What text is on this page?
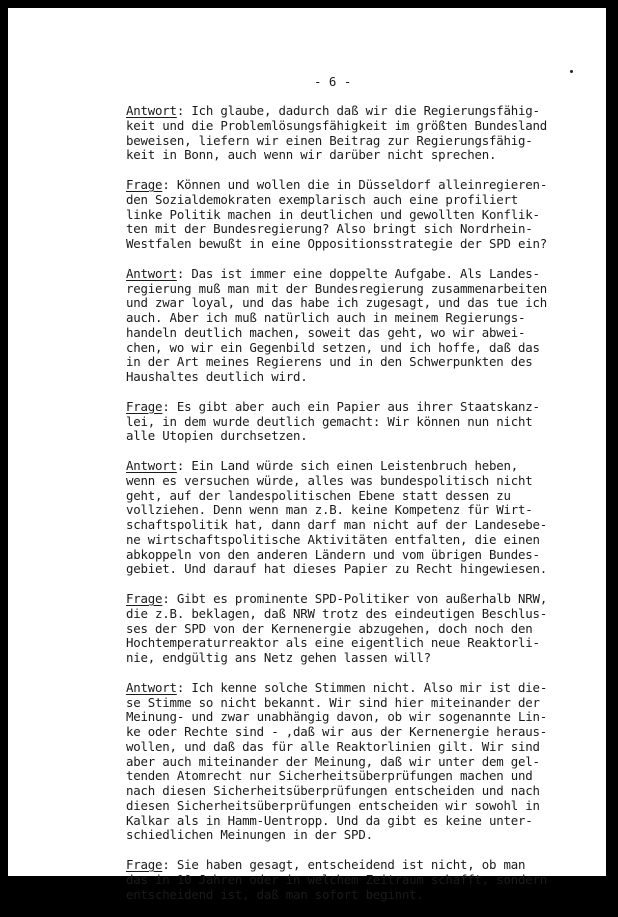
- 6 -
Antwort: Ich glaube, dadurch daß wir die Regierungsfähig-
keit und die Problemlösungsfähigkeit im größten Bundesland
beweisen, liefern wir einen Beitrag zur Regierungsfähig-
keit in Bonn, auch wenn wir darüber nicht sprechen.
Frage: Können und wollen die in Düsseldorf alleinregieren-
den Sozialdemokraten exemplarisch auch eine profiliert
linke Politik machen in deutlichen und gewollten Konflik-
ten mit der Bundesregierung? Also bringt sich Nordrhein-
Westfalen bewußt in eine Oppositionsstrategie der SPD ein?
Antwort: Das ist immer eine doppelte Aufgabe. Als Landes-
regierung muß man mit der Bundesregierung zusammenarbeiten
und zwar loyal, und das habe ich zugesagt, und das tue ich
auch. Aber ich muß natürlich auch in meinem Regierungs-
handeln deutlich machen, soweit das geht, wo wir abwei-
chen, wo wir ein Gegenbild setzen, und ich hoffe, daß das
in der Art meines Regierens und in den Schwerpunkten des
Haushaltes deutlich wird.
Frage: Es gibt aber auch ein Papier aus ihrer Staatskanz-
lei, in dem wurde deutlich gemacht: Wir können nun nicht
alle Utopien durchsetzen.
Antwort: Ein Land würde sich einen Leistenbruch heben,
wenn es versuchen würde, alles was bundespolitisch nicht
geht, auf der landespolitischen Ebene statt dessen zu
vollziehen. Denn wenn man z.B. keine Kompetenz für Wirt-
schaftspolitik hat, dann darf man nicht auf der Landesebe-
ne wirtschaftspolitische Aktivitäten entfalten, die einen
abkoppeln von den anderen Ländern und vom übrigen Bundes-
gebiet. Und darauf hat dieses Papier zu Recht hingewiesen.
Frage: Gibt es prominente SPD-Politiker von außerhalb NRW,
die z.B. beklagen, daß NRW trotz des eindeutigen Beschlus-
ses der SPD von der Kernenergie abzugehen, doch noch den
Hochtemperaturreaktor als eine eigentlich neue Reaktorli-
nie, endgültig ans Netz gehen lassen will?
Antwort: Ich kenne solche Stimmen nicht. Also mir ist die-
se Stimme so nicht bekannt. Wir sind hier miteinander der
Meinung- und zwar unabhängig davon, ob wir sogenannte Lin-
ke oder Rechte sind - ,daß wir aus der Kernenergie heraus-
wollen, und daß das für alle Reaktorlinien gilt. Wir sind
aber auch miteinander der Meinung, daß wir unter dem gel-
tenden Atomrecht nur Sicherheitsüberprüfungen machen und
nach diesen Sicherheitsüberprüfungen entscheiden und nach
diesen Sicherheitsüberprüfungen entscheiden wir sowohl in
Kalkar als in Hamm-Uentropp. Und da gibt es keine unter-
schiedlichen Meinungen in der SPD.
Frage: Sie haben gesagt, entscheidend ist nicht, ob man
das in 10 Jahren oder in welchem Zeitraum schafft, sondern
entscheidend ist, daß man sofort beginnt.
